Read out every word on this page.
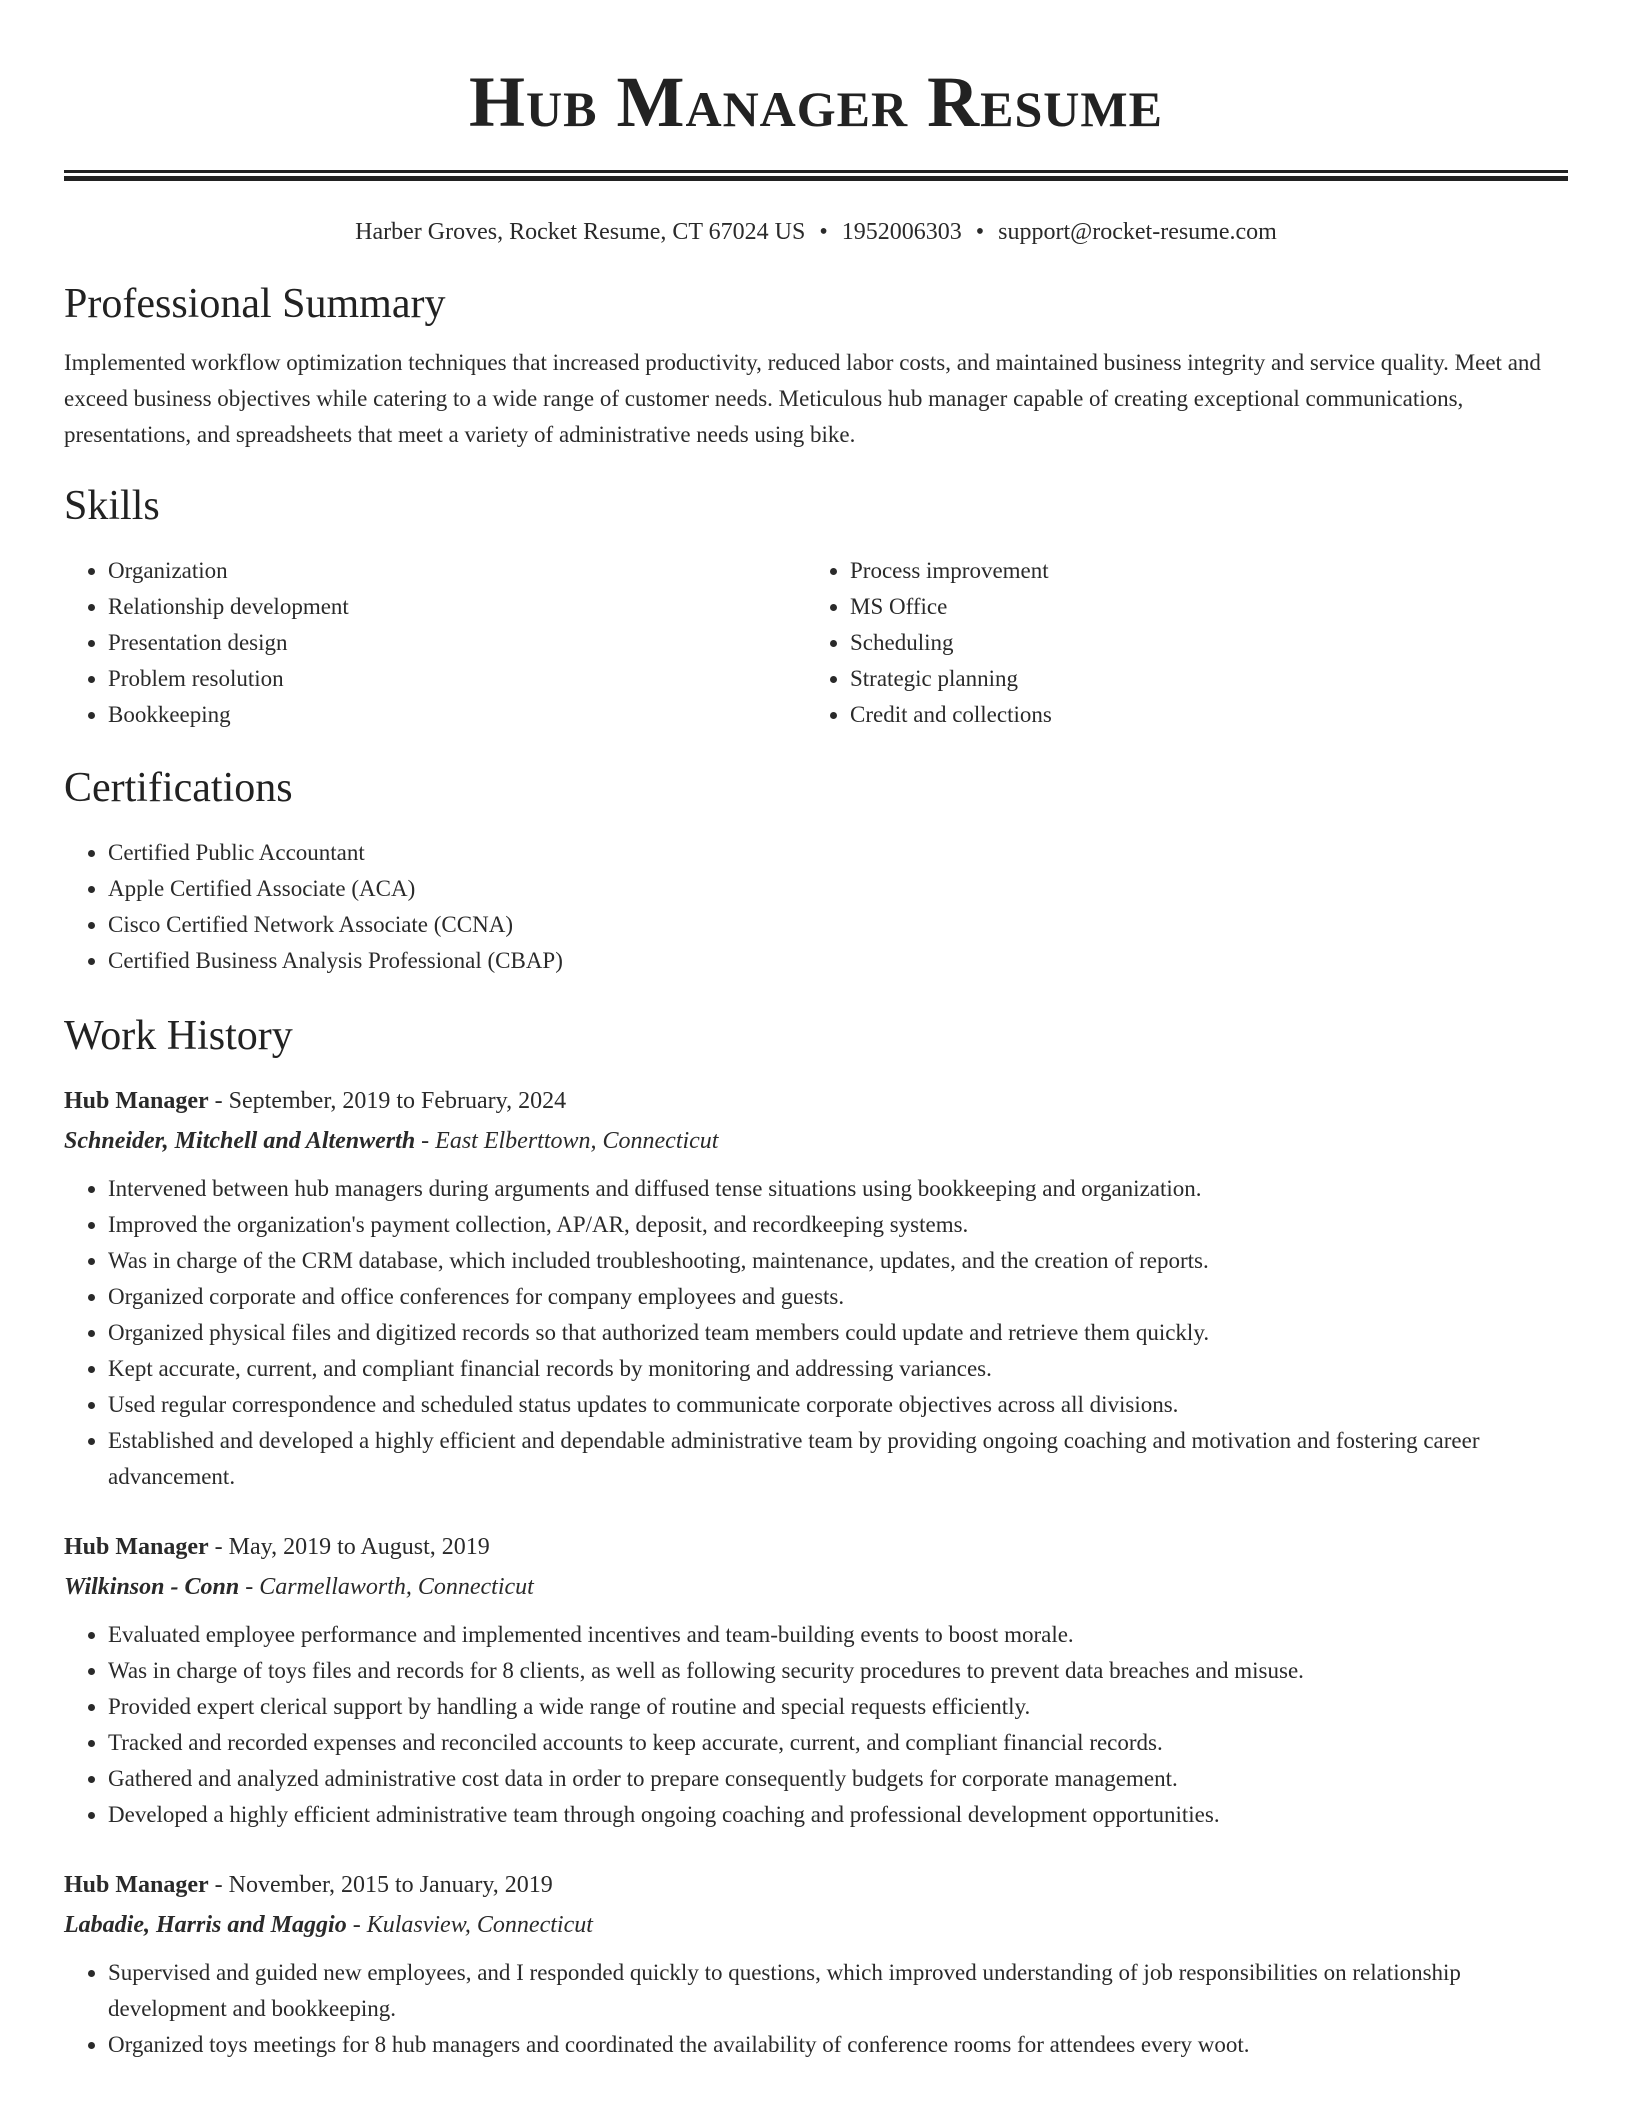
Hub Manager Resume
Harber Groves, Rocket Resume, CT 67024 US • 1952006303 • support@rocket-resume.com
Professional Summary
Implemented workflow optimization techniques that increased productivity, reduced labor costs, and maintained business integrity and service quality. Meet and exceed business objectives while catering to a wide range of customer needs. Meticulous hub manager capable of creating exceptional communications, presentations, and spreadsheets that meet a variety of administrative needs using bike.
Skills
• Organization
• Relationship development
• Presentation design
• Problem resolution
• Bookkeeping
• Process improvement
• MS Office
• Scheduling
• Strategic planning
• Credit and collections
Certifications
• Certified Public Accountant
• Apple Certified Associate (ACA)
• Cisco Certified Network Associate (CCNA)
• Certified Business Analysis Professional (CBAP)
Work History
Hub Manager - September, 2019 to February, 2024
Schneider, Mitchell and Altenwerth - East Elberttown, Connecticut
• Intervened between hub managers during arguments and diffused tense situations using bookkeeping and organization.
• Improved the organization's payment collection, AP/AR, deposit, and recordkeeping systems.
• Was in charge of the CRM database, which included troubleshooting, maintenance, updates, and the creation of reports.
• Organized corporate and office conferences for company employees and guests.
• Organized physical files and digitized records so that authorized team members could update and retrieve them quickly.
• Kept accurate, current, and compliant financial records by monitoring and addressing variances.
• Used regular correspondence and scheduled status updates to communicate corporate objectives across all divisions.
• Established and developed a highly efficient and dependable administrative team by providing ongoing coaching and motivation and fostering career advancement.
Hub Manager - May, 2019 to August, 2019
Wilkinson - Conn - Carmellaworth, Connecticut
• Evaluated employee performance and implemented incentives and team-building events to boost morale.
• Was in charge of toys files and records for 8 clients, as well as following security procedures to prevent data breaches and misuse.
• Provided expert clerical support by handling a wide range of routine and special requests efficiently.
• Tracked and recorded expenses and reconciled accounts to keep accurate, current, and compliant financial records.
• Gathered and analyzed administrative cost data in order to prepare consequently budgets for corporate management.
• Developed a highly efficient administrative team through ongoing coaching and professional development opportunities.
Hub Manager - November, 2015 to January, 2019
Labadie, Harris and Maggio - Kulasview, Connecticut
• Supervised and guided new employees, and I responded quickly to questions, which improved understanding of job responsibilities on relationship development and bookkeeping.
• Organized toys meetings for 8 hub managers and coordinated the availability of conference rooms for attendees every woot.
